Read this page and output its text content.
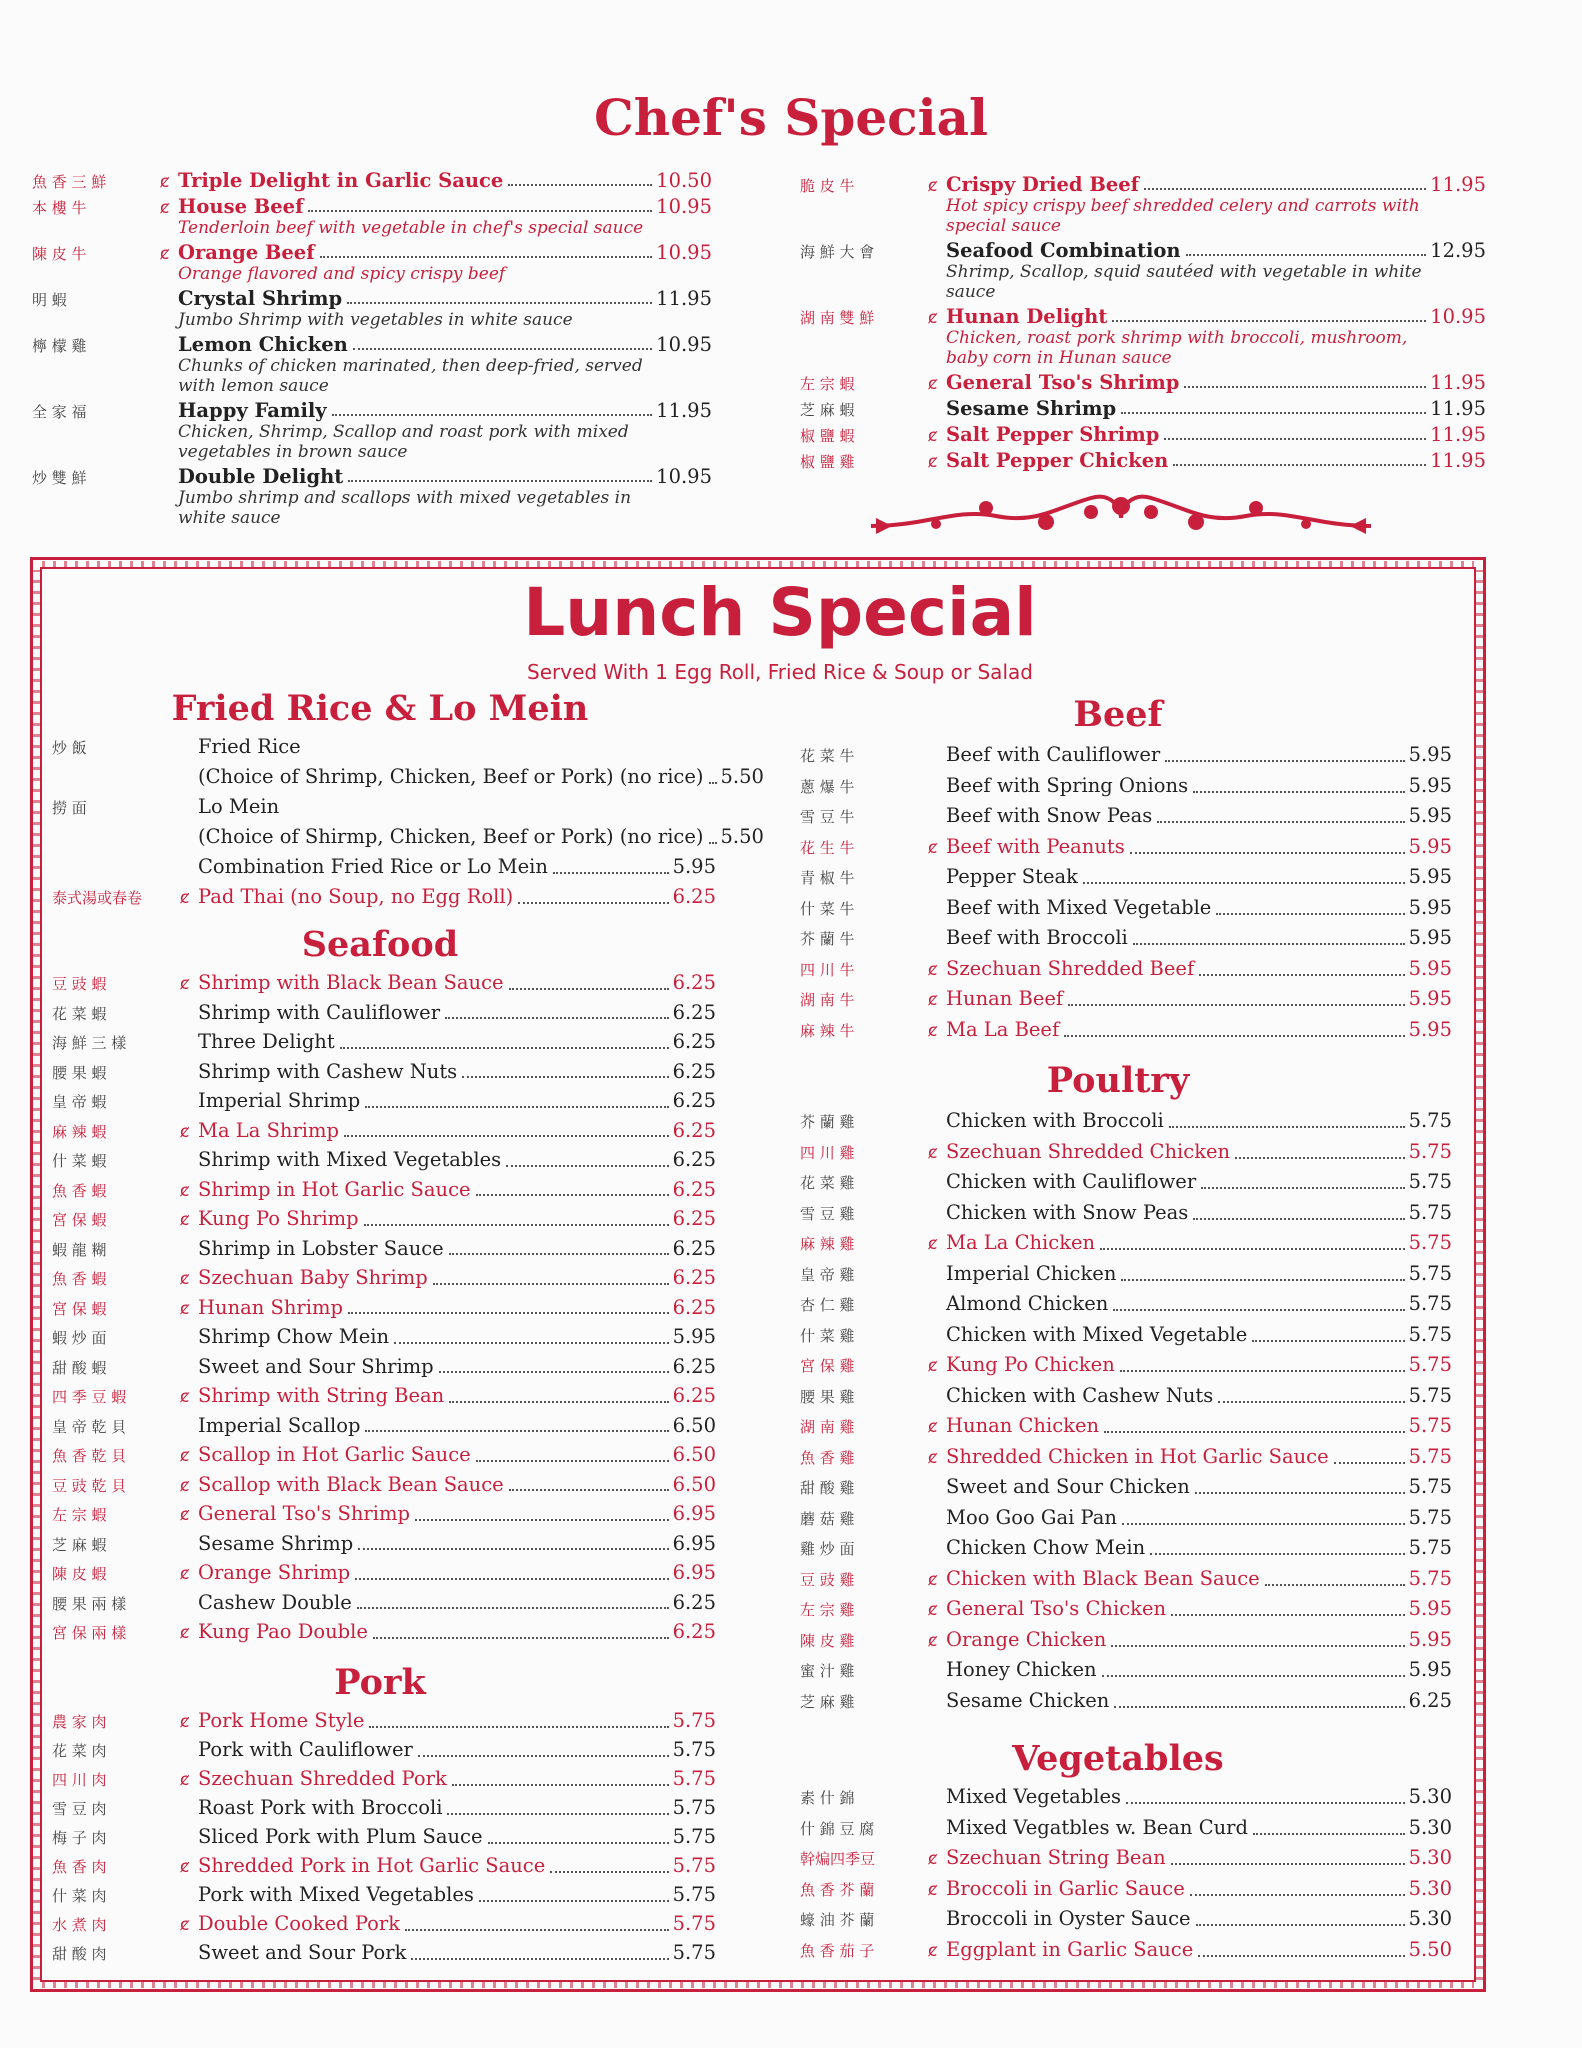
Chef's Special
魚 香 三 鮮	ȼ Triple Delight in Garlic Sauce	10.50
本 樓 牛	ȼ House Beef	10.95
Tenderloin beef with vegetable in chef's special sauce
陳 皮 牛	ȼ Orange Beef	10.95
Orange flavored and spicy crispy beef
明 蝦	Crystal Shrimp	11.95
Jumbo Shrimp with vegetables in white sauce
檸 檬 雞	Lemon Chicken	10.95
Chunks of chicken marinated, then deep-fried, served with lemon sauce
全 家 福	Happy Family	11.95
Chicken, Shrimp, Scallop and roast pork with mixed vegetables in brown sauce
炒 雙 鮮	Double Delight	10.95
Jumbo shrimp and scallops with mixed vegetables in white sauce
脆 皮 牛	ȼ Crispy Dried Beef	11.95
Hot spicy crispy beef shredded celery and carrots with special sauce
海 鮮 大 會	Seafood Combination	12.95
Shrimp, Scallop, squid sautéed with vegetable in white sauce
湖 南 雙 鮮	ȼ Hunan Delight	10.95
Chicken, roast pork shrimp with broccoli, mushroom, baby corn in Hunan sauce
左 宗 蝦	ȼ General Tso's Shrimp	11.95
芝 麻 蝦	Sesame Shrimp	11.95
椒 鹽 蝦	ȼ Salt Pepper Shrimp	11.95
椒 鹽 雞	ȼ Salt Pepper Chicken	11.95
Lunch Special
Served With 1 Egg Roll, Fried Rice & Soup or Salad
Fried Rice & Lo Mein
炒 飯	Fried Rice
(Choice of Shrimp, Chicken, Beef or Pork) (no rice) 5.50
撈 面	Lo Mein
(Choice of Shirmp, Chicken, Beef or Pork) (no rice) 5.50
Combination Fried Rice or Lo Mein	5.95
泰式湯或春卷	ȼ Pad Thai (no Soup, no Egg Roll)	6.25
Seafood
豆 豉 蝦	ȼ Shrimp with Black Bean Sauce	6.25
花 菜 蝦	Shrimp with Cauliflower	6.25
海 鮮 三 樣	Three Delight	6.25
腰 果 蝦	Shrimp with Cashew Nuts	6.25
皇 帝 蝦	Imperial Shrimp	6.25
麻 辣 蝦	ȼ Ma La Shrimp	6.25
什 菜 蝦	Shrimp with Mixed Vegetables	6.25
魚 香 蝦	ȼ Shrimp in Hot Garlic Sauce	6.25
宮 保 蝦	ȼ Kung Po Shrimp	6.25
蝦 龍 糊	Shrimp in Lobster Sauce	6.25
魚 香 蝦	ȼ Szechuan Baby Shrimp	6.25
宮 保 蝦	ȼ Hunan Shrimp	6.25
蝦 炒 面	Shrimp Chow Mein	5.95
甜 酸 蝦	Sweet and Sour Shrimp	6.25
四 季 豆 蝦	ȼ Shrimp with String Bean	6.25
皇 帝 乾 貝	Imperial Scallop	6.50
魚 香 乾 貝	ȼ Scallop in Hot Garlic Sauce	6.50
豆 豉 乾 貝	ȼ Scallop with Black Bean Sauce	6.50
左 宗 蝦	ȼ General Tso's Shrimp	6.95
芝 麻 蝦	Sesame Shrimp	6.95
陳 皮 蝦	ȼ Orange Shrimp	6.95
腰 果 兩 樣	Cashew Double	6.25
宮 保 兩 樣	ȼ Kung Pao Double	6.25
Pork
農 家 肉	ȼ Pork Home Style	5.75
花 菜 肉	Pork with Cauliflower	5.75
四 川 肉	ȼ Szechuan Shredded Pork	5.75
雪 豆 肉	Roast Pork with Broccoli	5.75
梅 子 肉	Sliced Pork with Plum Sauce	5.75
魚 香 肉	ȼ Shredded Pork in Hot Garlic Sauce	5.75
什 菜 肉	Pork with Mixed Vegetables	5.75
水 煮 肉	ȼ Double Cooked Pork	5.75
甜 酸 肉	Sweet and Sour Pork	5.75
Beef
花 菜 牛	Beef with Cauliflower	5.95
蔥 爆 牛	Beef with Spring Onions	5.95
雪 豆 牛	Beef with Snow Peas	5.95
花 生 牛	ȼ Beef with Peanuts	5.95
青 椒 牛	Pepper Steak	5.95
什 菜 牛	Beef with Mixed Vegetable	5.95
芥 蘭 牛	Beef with Broccoli	5.95
四 川 牛	ȼ Szechuan Shredded Beef	5.95
湖 南 牛	ȼ Hunan Beef	5.95
麻 辣 牛	ȼ Ma La Beef	5.95
Poultry
芥 蘭 雞	Chicken with Broccoli	5.75
四 川 雞	ȼ Szechuan Shredded Chicken	5.75
花 菜 雞	Chicken with Cauliflower	5.75
雪 豆 雞	Chicken with Snow Peas	5.75
麻 辣 雞	ȼ Ma La Chicken	5.75
皇 帝 雞	Imperial Chicken	5.75
杏 仁 雞	Almond Chicken	5.75
什 菜 雞	Chicken with Mixed Vegetable	5.75
宮 保 雞	ȼ Kung Po Chicken	5.75
腰 果 雞	Chicken with Cashew Nuts	5.75
湖 南 雞	ȼ Hunan Chicken	5.75
魚 香 雞	ȼ Shredded Chicken in Hot Garlic Sauce	5.75
甜 酸 雞	Sweet and Sour Chicken	5.75
蘑 菇 雞	Moo Goo Gai Pan	5.75
雞 炒 面	Chicken Chow Mein	5.75
豆 豉 雞	ȼ Chicken with Black Bean Sauce	5.75
左 宗 雞	ȼ General Tso's Chicken	5.95
陳 皮 雞	ȼ Orange Chicken	5.95
蜜 汁 雞	Honey Chicken	5.95
芝 麻 雞	Sesame Chicken	6.25
Vegetables
素 什 錦	Mixed Vegetables	5.30
什 錦 豆 腐	Mixed Vegatbles w. Bean Curd	5.30
幹煸四季豆	ȼ Szechuan String Bean	5.30
魚 香 芥 蘭	ȼ Broccoli in Garlic Sauce	5.30
蠔 油 芥 蘭	Broccoli in Oyster Sauce	5.30
魚 香 茄 子	ȼ Eggplant in Garlic Sauce	5.50
